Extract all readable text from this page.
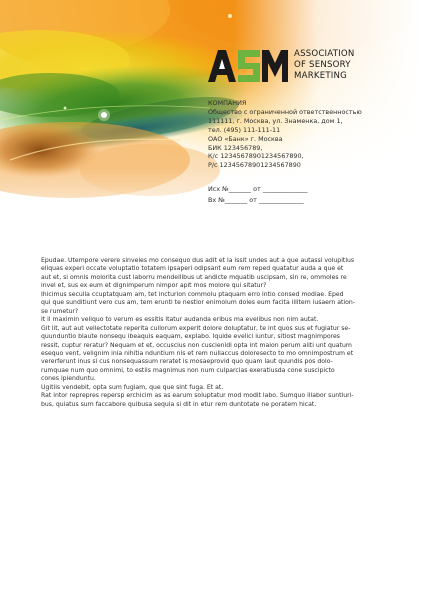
ASSOCIATION
OF SENSORY
MARKETING
КОМПАНИЯ
Общество с ограниченной ответственностью
111111, г. Москва, ул. Знаменка, дом 1,
тел. (495) 111-111-11
ОАО «Банк» г. Москва
БИК 123456789,
К/с 12345678901234567890,
Р/с 12345678901234567890
Исх №_______ от ______________
Вх №_______ от ______________
Epudae. Utempore verere sinveles mo consequo dus adit et la issit undes aut a que autassi volupitius
eliquas experi occate voluptatio totatem ipsaperi odipsant eum rem reped quatatur auda a que et
aut et, si omnis molorita cust laborru mendellibus ut andicte mquatib uscipsam, sin re, ommoles re
invel et, sus ex eum et dignimperum nimpor apit mos molore qui sitatur?
Ihicimus seculla ccuptatquam am, tet incturion commolu ptaquam erro intio consed modiae. Eped
qui que sunditiunt vero cus am, tem erunti te nestior enimolum doles eum facita illitem iusaern ation-
se rumetur?
It il maximin veliquo to verum es essitis itatur audanda eribus ma evelibus non nim autat.
Git lit, aut aut vellectotate reperita cullorum experit dolore doluptatur, te int quos sus et fugiatur se-
quunduntio blaute nonsequ ibeaquis eaquam, explabo. Iquide evelici iuntur, sitiost magnimpores
ressit, cuptur reratur? Nequam et et, occuscius non cuscienidi opta int maion perum aliti unt quatum
esequo vent, velignim inia nihitia nduntium nis et rem nullaccus doloresecto to mo omnimpostrum et
vererferunt inus si cus nonsequassum reratet is mosaeprovid quo quam laut quundis pos dolo-
rumquae num quo omnimi, to estiis magnimus non num culparcias exeratiusda cone suscipicto
cones ipienduntu.
Ugitiis vendebit, opta sum fugiam, que que sint fuga. Et at.
Rat intor reprepres repersp erchicim as as earum soluptatur mod modit labo. Sumquo illabor suntiuri-
bus, quiatus sum faccabore quibusa sequia si dit in etur rem duntotate ne poratem hicat.
